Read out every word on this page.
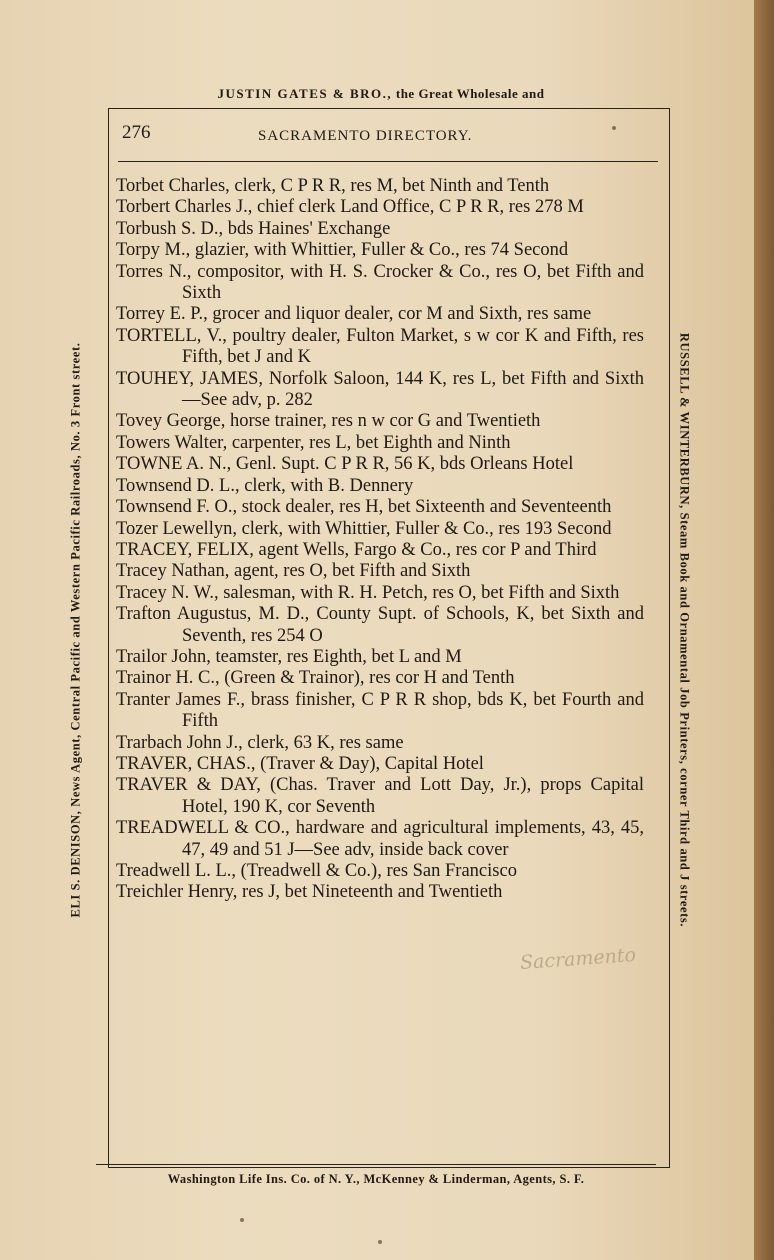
JUSTIN GATES & BRO., the Great Wholesale and
276	SACRAMENTO DIRECTORY.
Torbet Charles, clerk, C P R R, res M, bet Ninth and Tenth
Torbert Charles J., chief clerk Land Office, C P R R, res 278 M
Torbush S. D., bds Haines' Exchange
Torpy M., glazier, with Whittier, Fuller & Co., res 74 Second
Torres N., compositor, with H. S. Crocker & Co., res O, bet Fifth and Sixth
Torrey E. P., grocer and liquor dealer, cor M and Sixth, res same
TORTELL, V., poultry dealer, Fulton Market, s w cor K and Fifth, res Fifth, bet J and K
TOUHEY, JAMES, Norfolk Saloon, 144 K, res L, bet Fifth and Sixth—See adv, p. 282
Tovey George, horse trainer, res n w cor G and Twentieth
Towers Walter, carpenter, res L, bet Eighth and Ninth
TOWNE A. N., Genl. Supt. C P R R, 56 K, bds Orleans Hotel
Townsend D. L., clerk, with B. Dennery
Townsend F. O., stock dealer, res H, bet Sixteenth and Seventeenth
Tozer Lewellyn, clerk, with Whittier, Fuller & Co., res 193 Second
TRACEY, FELIX, agent Wells, Fargo & Co., res cor P and Third
Tracey Nathan, agent, res O, bet Fifth and Sixth
Tracey N. W., salesman, with R. H. Petch, res O, bet Fifth and Sixth
Trafton Augustus, M. D., County Supt. of Schools, K, bet Sixth and Seventh, res 254 O
Trailor John, teamster, res Eighth, bet L and M
Trainor H. C., (Green & Trainor), res cor H and Tenth
Tranter James F., brass finisher, C P R R shop, bds K, bet Fourth and Fifth
Trarbach John J., clerk, 63 K, res same
TRAVER, CHAS., (Traver & Day), Capital Hotel
TRAVER & DAY, (Chas. Traver and Lott Day, Jr.), props Capital Hotel, 190 K, cor Seventh
TREADWELL & CO., hardware and agricultural implements, 43, 45, 47, 49 and 51 J—See adv, inside back cover
Treadwell L. L., (Treadwell & Co.), res San Francisco
Treichler Henry, res J, bet Nineteenth and Twentieth
ELI S. DENISON, News Agent, Central Pacific and Western Pacific Railroads, No. 3 Front street.	RUSSELL & WINTERBURN, Steam Book and Ornamental Job Printers, corner Third and J streets.
Washington Life Ins. Co. of N. Y., McKenney & Linderman, Agents, S. F.
Sacramento
